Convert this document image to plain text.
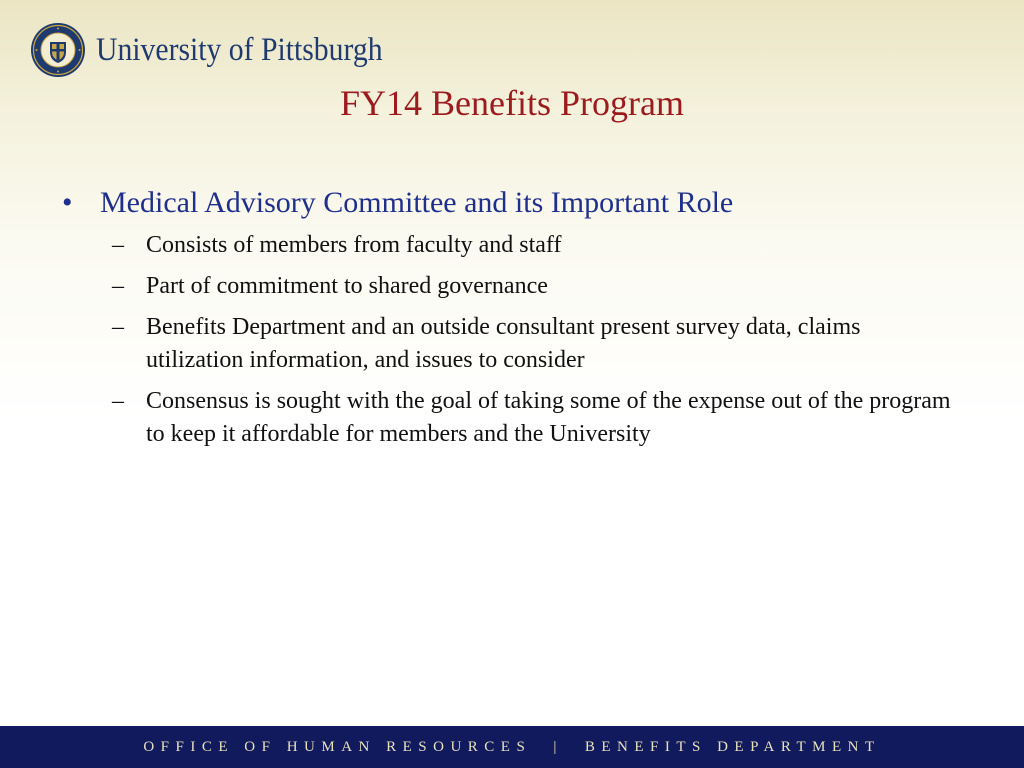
University of Pittsburgh
FY14 Benefits Program
• Medical Advisory Committee and its Important Role
– Consists of members from faculty and staff
– Part of commitment to shared governance
– Benefits Department and an outside consultant present survey data, claims utilization information, and issues to consider
– Consensus is sought with the goal of taking some of the expense out of the program to keep it affordable for members and the University
OFFICE OF HUMAN RESOURCES | BENEFITS DEPARTMENT
